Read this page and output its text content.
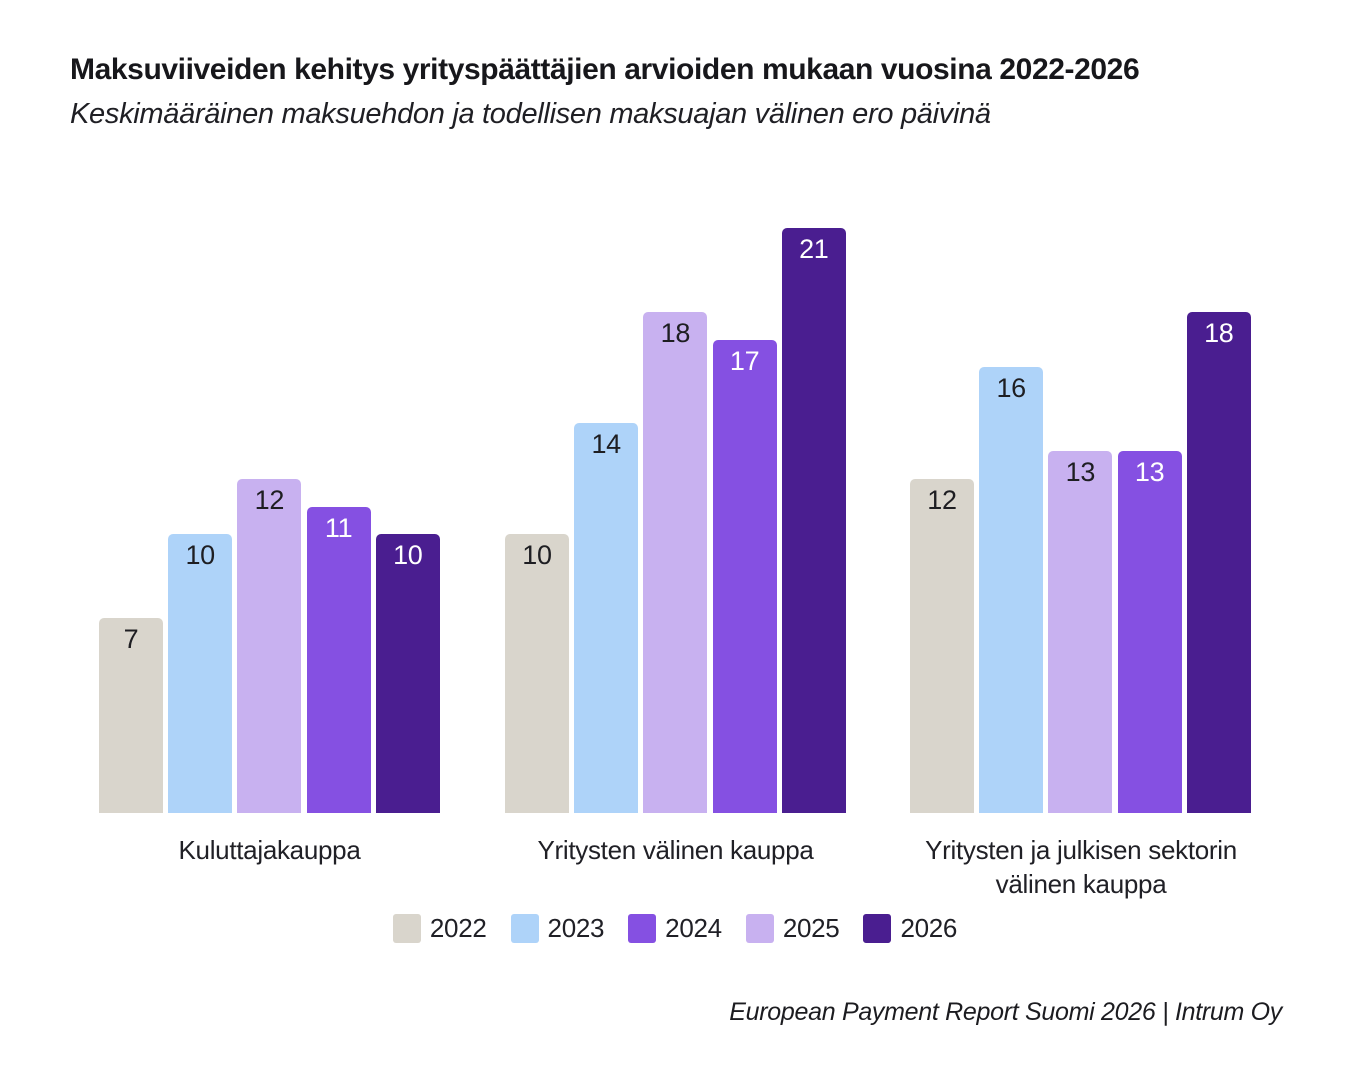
Maksuviiveiden kehitys yrityspäättäjien arvioiden mukaan vuosina 2022-2026
Keskimääräinen maksuehdon ja todellisen maksuajan välinen ero päivinä
7
10
12
11
10
Kuluttajakauppa
10
14
18
17
21
Yritysten välinen kauppa
12
16
13 13
18
Yritysten ja julkisen sektorin
välinen kauppa
2022 2023 2024 2025 2026
European Payment Report Suomi 2026 | Intrum Oy
